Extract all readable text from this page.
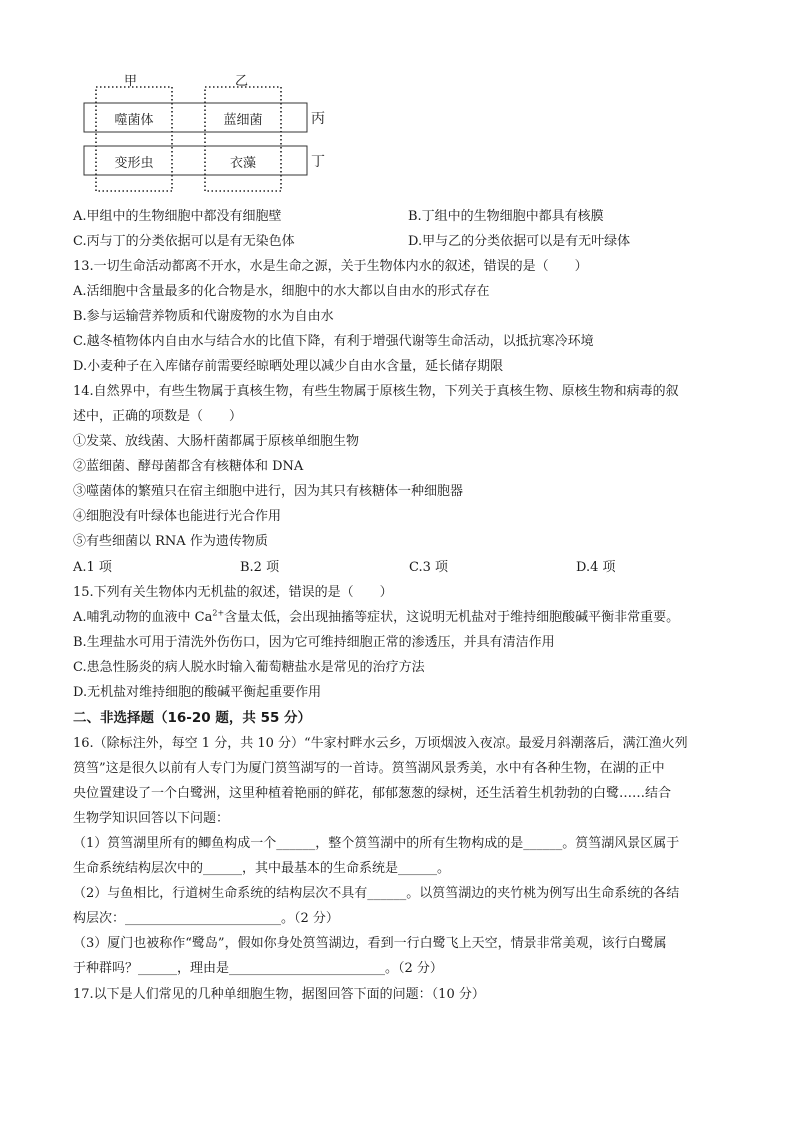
甲	乙
丙
丁
噬菌体	蓝细菌
变形虫	衣藻
A.甲组中的生物细胞中都没有细胞壁	B.丁组中的生物细胞中都具有核膜
C.丙与丁的分类依据可以是有无染色体	D.甲与乙的分类依据可以是有无叶绿体
13.一切生命活动都离不开水，水是生命之源，关于生物体内水的叙述，错误的是（　　）
A.活细胞中含量最多的化合物是水，细胞中的水大都以自由水的形式存在
B.参与运输营养物质和代谢废物的水为自由水
C.越冬植物体内自由水与结合水的比值下降，有利于增强代谢等生命活动，以抵抗寒冷环境
D.小麦种子在入库储存前需要经晾晒处理以减少自由水含量，延长储存期限
14.自然界中，有些生物属于真核生物，有些生物属于原核生物，下列关于真核生物、原核生物和病毒的叙
述中，正确的项数是（　　）
①发菜、放线菌、大肠杆菌都属于原核单细胞生物
②蓝细菌、酵母菌都含有核糖体和 DNA
③噬菌体的繁殖只在宿主细胞中进行，因为其只有核糖体一种细胞器
④细胞没有叶绿体也能进行光合作用
⑤有些细菌以 RNA 作为遗传物质
A.1 项	B.2 项	C.3 项	D.4 项
15.下列有关生物体内无机盐的叙述，错误的是（　　）
A.哺乳动物的血液中 $Ca^{2+}$含量太低，会出现抽搐等症状，这说明无机盐对于维持细胞酸碱平衡非常重要。
B.生理盐水可用于清洗外伤伤口，因为它可维持细胞正常的渗透压，并具有清洁作用
C.患急性肠炎的病人脱水时输入葡萄糖盐水是常见的治疗方法
D.无机盐对维持细胞的酸碱平衡起重要作用
二、非选择题（16-20 题，共 55 分）
16.（除标注外，每空 1 分，共 10 分）“牛家村畔水云乡，万顷烟波入夜凉。最爱月斜潮落后，满江渔火列
筼筜”这是很久以前有人专门为厦门筼筜湖写的一首诗。筼筜湖风景秀美，水中有各种生物，在湖的正中
央位置建设了一个白鹭洲，这里种植着艳丽的鲜花，郁郁葱葱的绿树，还生活着生机勃勃的白鹭……结合
生物学知识回答以下问题：
（1）筼筜湖里所有的鲫鱼构成一个______，整个筼筜湖中的所有生物构成的是______。筼筜湖风景区属于
生命系统结构层次中的______，其中最基本的生命系统是______。
（2）与鱼相比，行道树生命系统的结构层次不具有______。以筼筜湖边的夹竹桃为例写出生命系统的各结
构层次：________________________。（2 分）
（3）厦门也被称作“鹭岛”，假如你身处筼筜湖边，看到一行白鹭飞上天空，情景非常美观，该行白鹭属
于种群吗？______，理由是________________________。（2 分）
17.以下是人们常见的几种单细胞生物，据图回答下面的问题：（10 分）
